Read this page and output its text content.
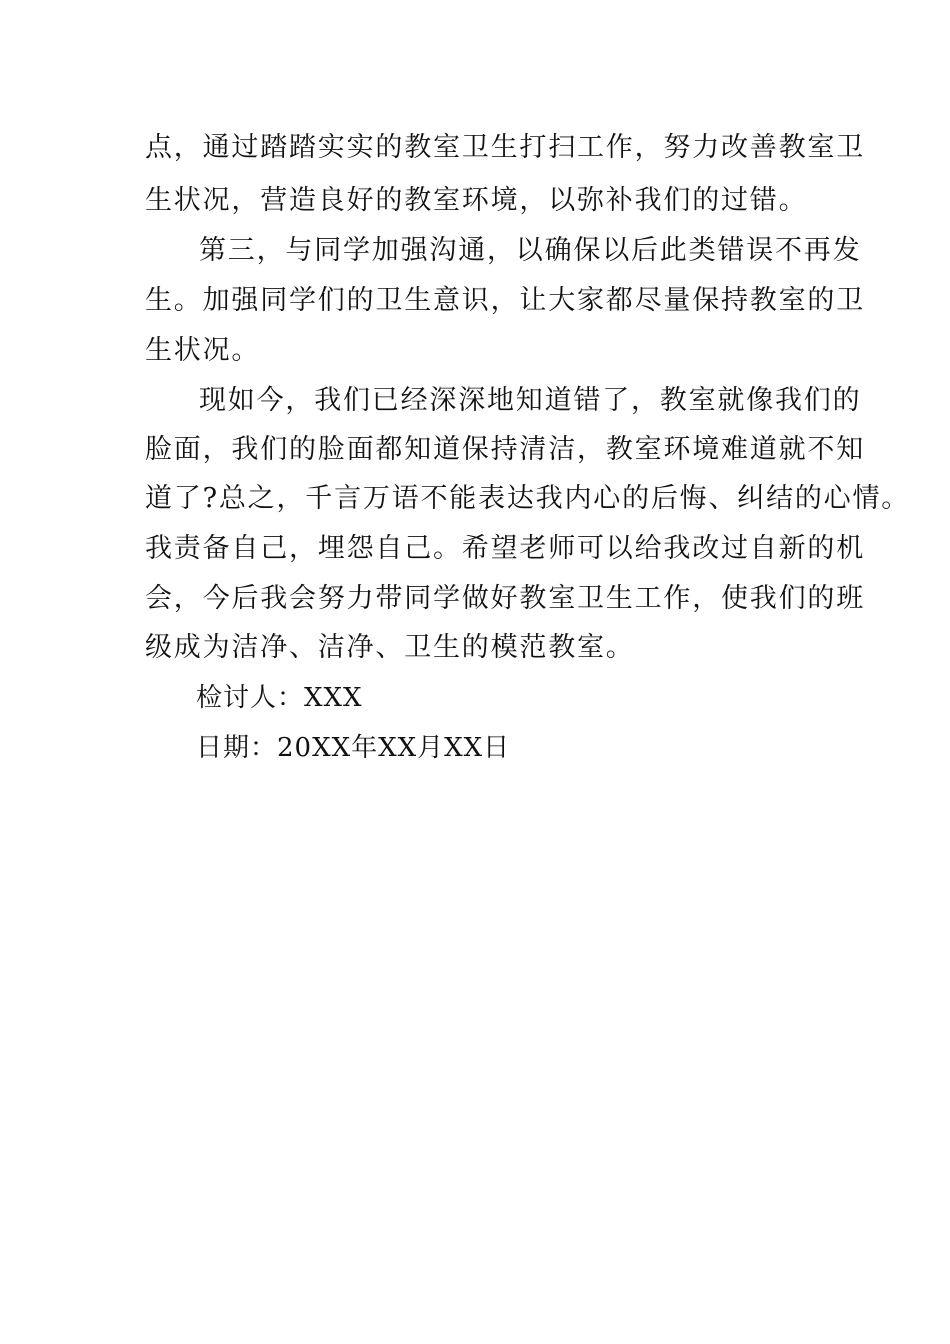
点，通过踏踏实实的教室卫生打扫工作，努力改善教室卫

生状况，营造良好的教室环境，以弥补我们的过错。

第三，与同学加强沟通，以确保以后此类错误不再发

生。加强同学们的卫生意识，让大家都尽量保持教室的卫

生状况。

现如今，我们已经深深地知道错了，教室就像我们的

脸面，我们的脸面都知道保持清洁，教室环境难道就不知

道了?总之，千言万语不能表达我内心的后悔、纠结的心情。

我责备自己，埋怨自己。希望老师可以给我改过自新的机

会，今后我会努力带同学做好教室卫生工作，使我们的班

级成为洁净、洁净、卫生的模范教室。

检讨人：XXX

日期：20XX年XX月XX日
